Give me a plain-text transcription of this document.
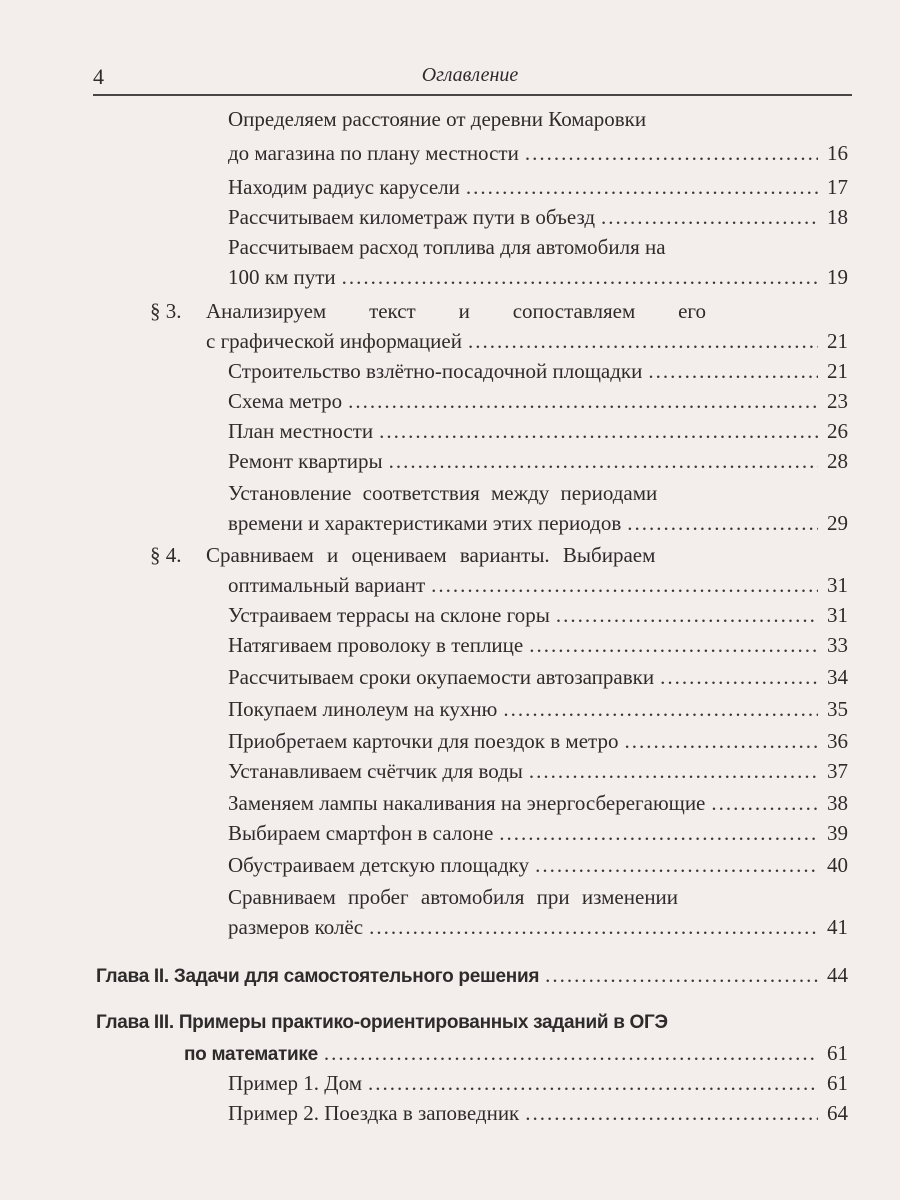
4	Оглавление
Определяем расстояние от деревни Комаровки
до магазина по плану местности .....	16
Находим радиус карусели .....	17
Рассчитываем километраж пути в объезд .....	18
Рассчитываем расход топлива для автомобиля на
100 км пути .....	19
§ 3. Анализируем текст и сопоставляем его
с графической информацией .....	21
Строительство взлётно-посадочной площадки .....	21
Схема метро .....	23
План местности .....	26
Ремонт квартиры .....	28
Установление соответствия между периодами
времени и характеристиками этих периодов .....	29
§ 4. Сравниваем и оцениваем варианты. Выбираем
оптимальный вариант .....	31
Устраиваем террасы на склоне горы .....	31
Натягиваем проволоку в теплице .....	33
Рассчитываем сроки окупаемости автозаправки .....	34
Покупаем линолеум на кухню .....	35
Приобретаем карточки для поездок в метро .....	36
Устанавливаем счётчик для воды .....	37
Заменяем лампы накаливания на энергосберегающие .....	38
Выбираем смартфон в салоне .....	39
Обустраиваем детскую площадку .....	40
Сравниваем пробег автомобиля при изменении
размеров колёс .....	41
Глава II. Задачи для самостоятельного решения .....	44
Глава III. Примеры практико-ориентированных заданий в ОГЭ
по математике .....	61
Пример 1. Дом .....	61
Пример 2. Поездка в заповедник .....	64
